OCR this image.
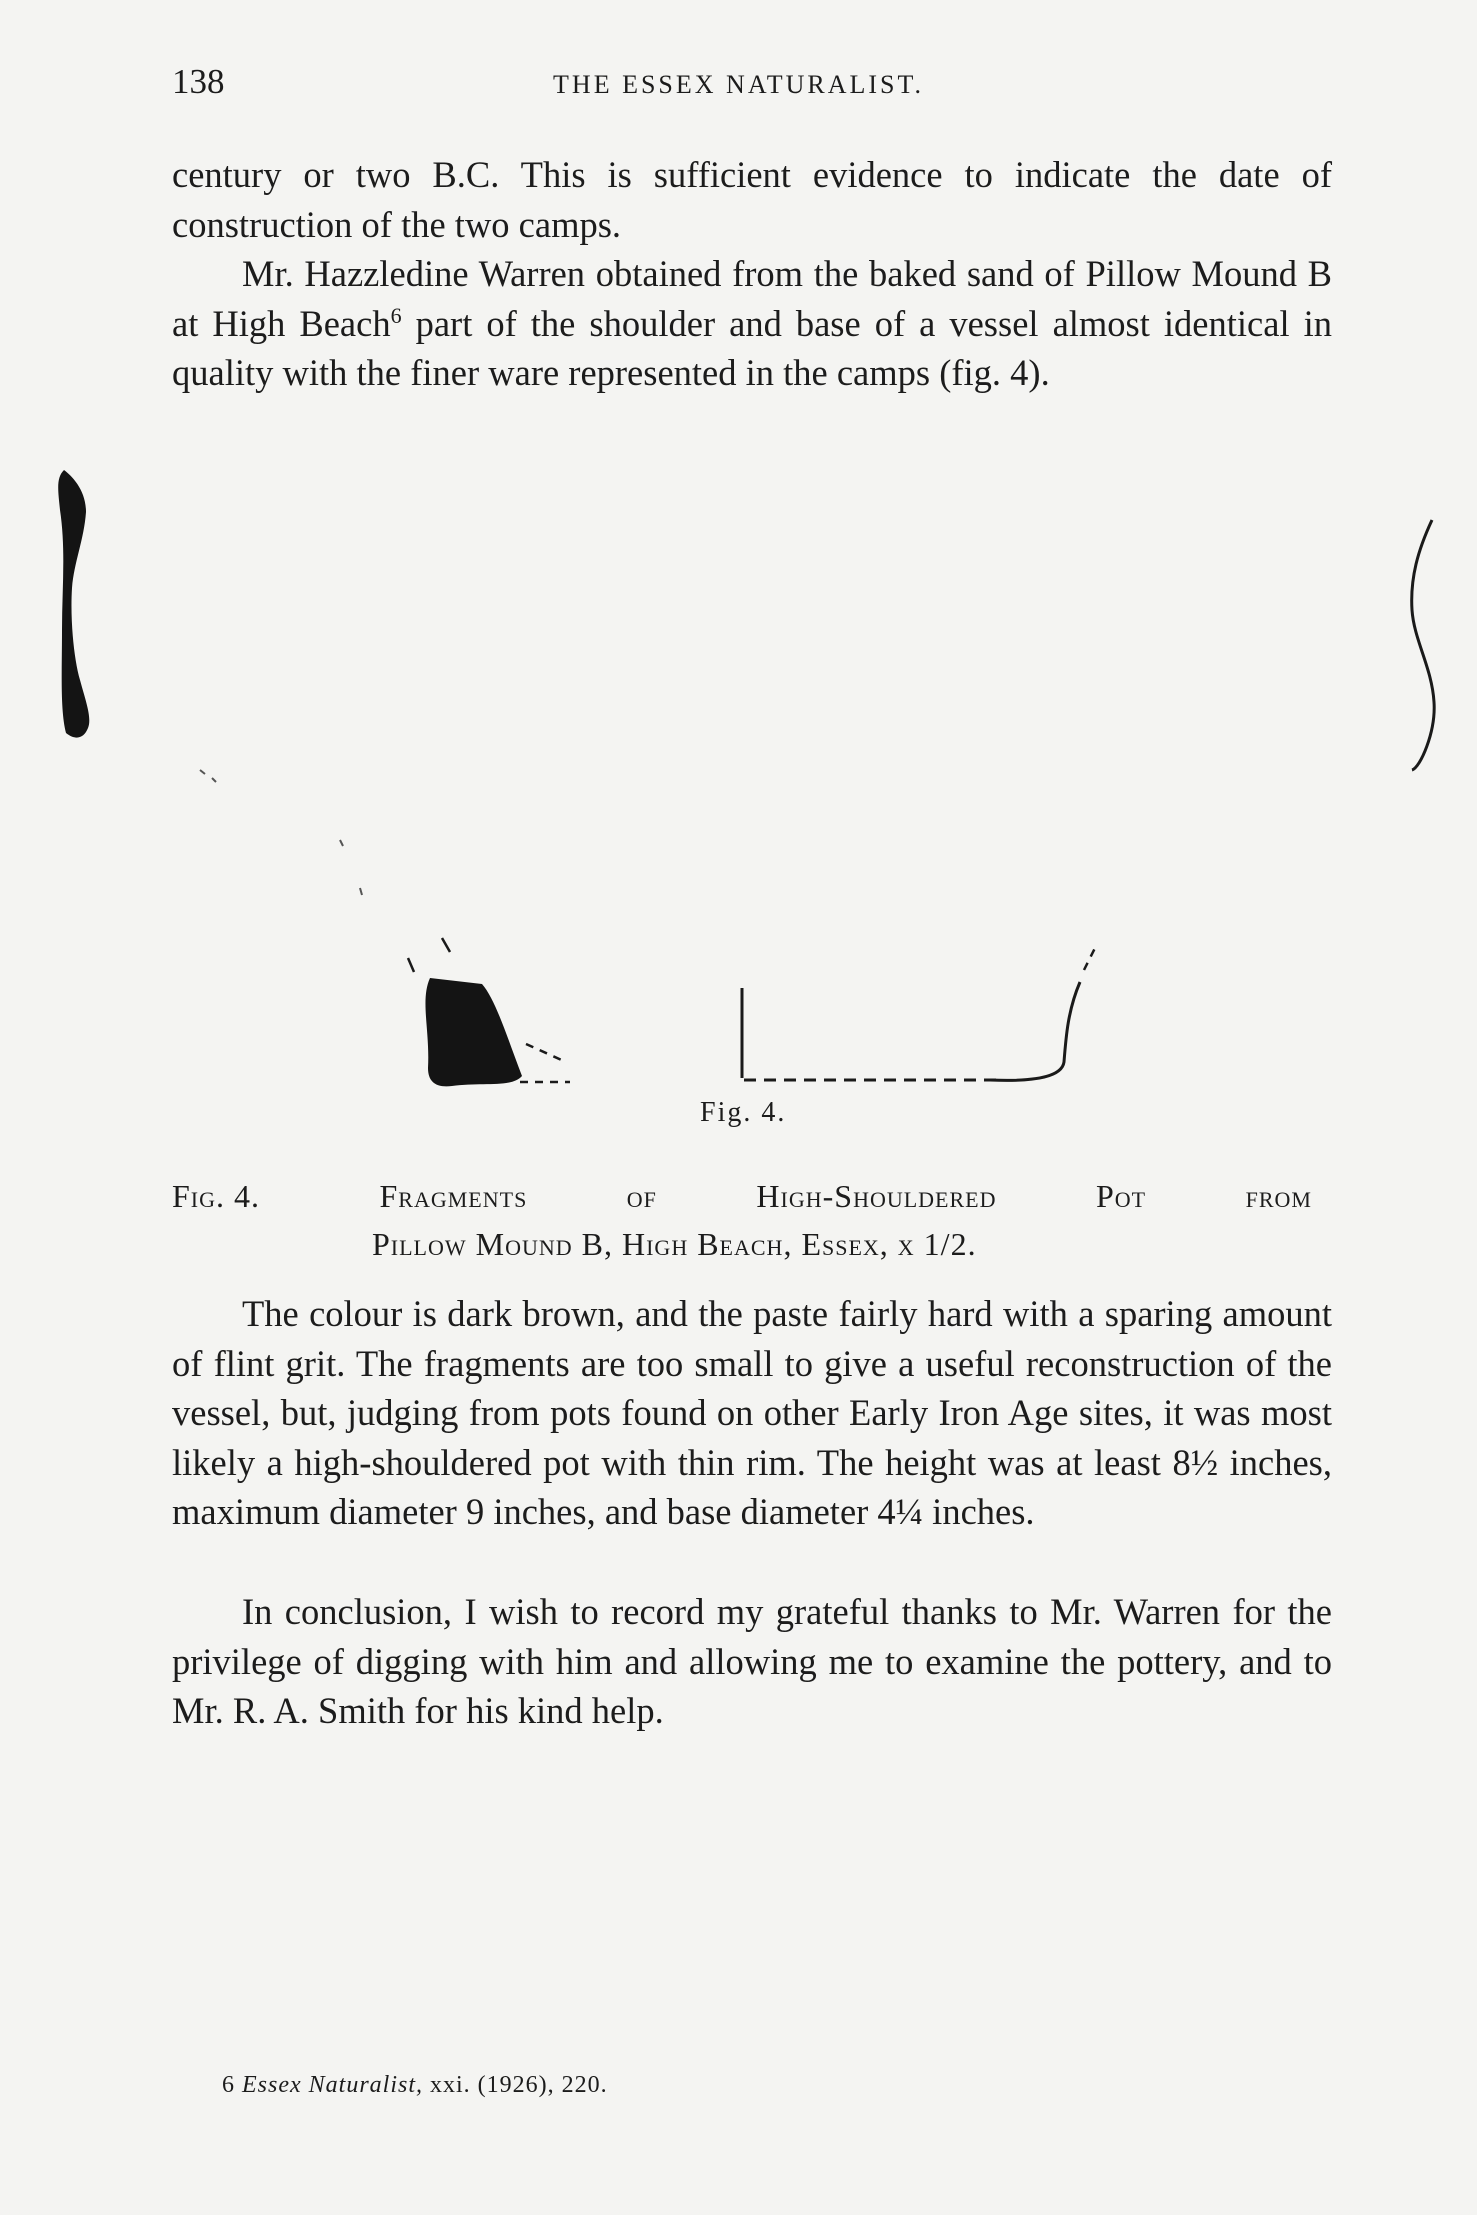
138	THE ESSEX NATURALIST.

century or two B.C. This is sufficient evidence to indicate the date of construction of the two camps.

Mr. Hazzledine Warren obtained from the baked sand of Pillow Mound B at High Beach$^6$ part of the shoulder and base of a vessel almost identical in quality with the finer ware represented in the camps (fig. 4).

Fig. 4.
Fig. 4.	Fragments	of	High-Shouldered	Pot	from
Pillow Mound B, High Beach, Essex, x 1/2.

The colour is dark brown, and the paste fairly hard with a sparing amount of flint grit. The fragments are too small to give a useful reconstruction of the vessel, but, judging from pots found on other Early Iron Age sites, it was most likely a high-shouldered pot with thin rim. The height was at least 8½ inches, maximum diameter 9 inches, and base diameter 4¼ inches.

In conclusion, I wish to record my grateful thanks to Mr. Warren for the privilege of digging with him and allowing me to examine the pottery, and to Mr. R. A. Smith for his kind help.

6 Essex Naturalist, xxi. (1926), 220.
